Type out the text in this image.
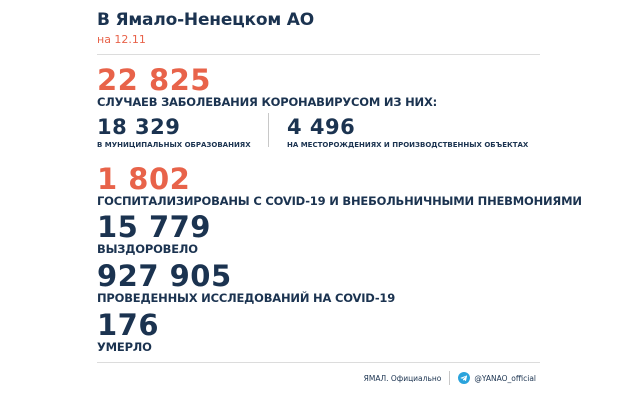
В Ямало-Ненецком АО
на 12.11
22 825
СЛУЧАЕВ ЗАБОЛЕВАНИЯ КОРОНАВИРУСОМ ИЗ НИХ:
18 329
В МУНИЦИПАЛЬНЫХ ОБРАЗОВАНИЯХ
4 496
НА МЕСТОРОЖДЕНИЯХ И ПРОИЗВОДСТВЕННЫХ ОБЪЕКТАХ
1 802
ГОСПИТАЛИЗИРОВАНЫ С COVID-19 И ВНЕБОЛЬНИЧНЫМИ ПНЕВМОНИЯМИ
15 779
ВЫЗДОРОВЕЛО
927 905
ПРОВЕДЕННЫХ ИССЛЕДОВАНИЙ НА COVID-19
176
УМЕРЛО
ЯМАЛ. Официально	@YANAO_official
